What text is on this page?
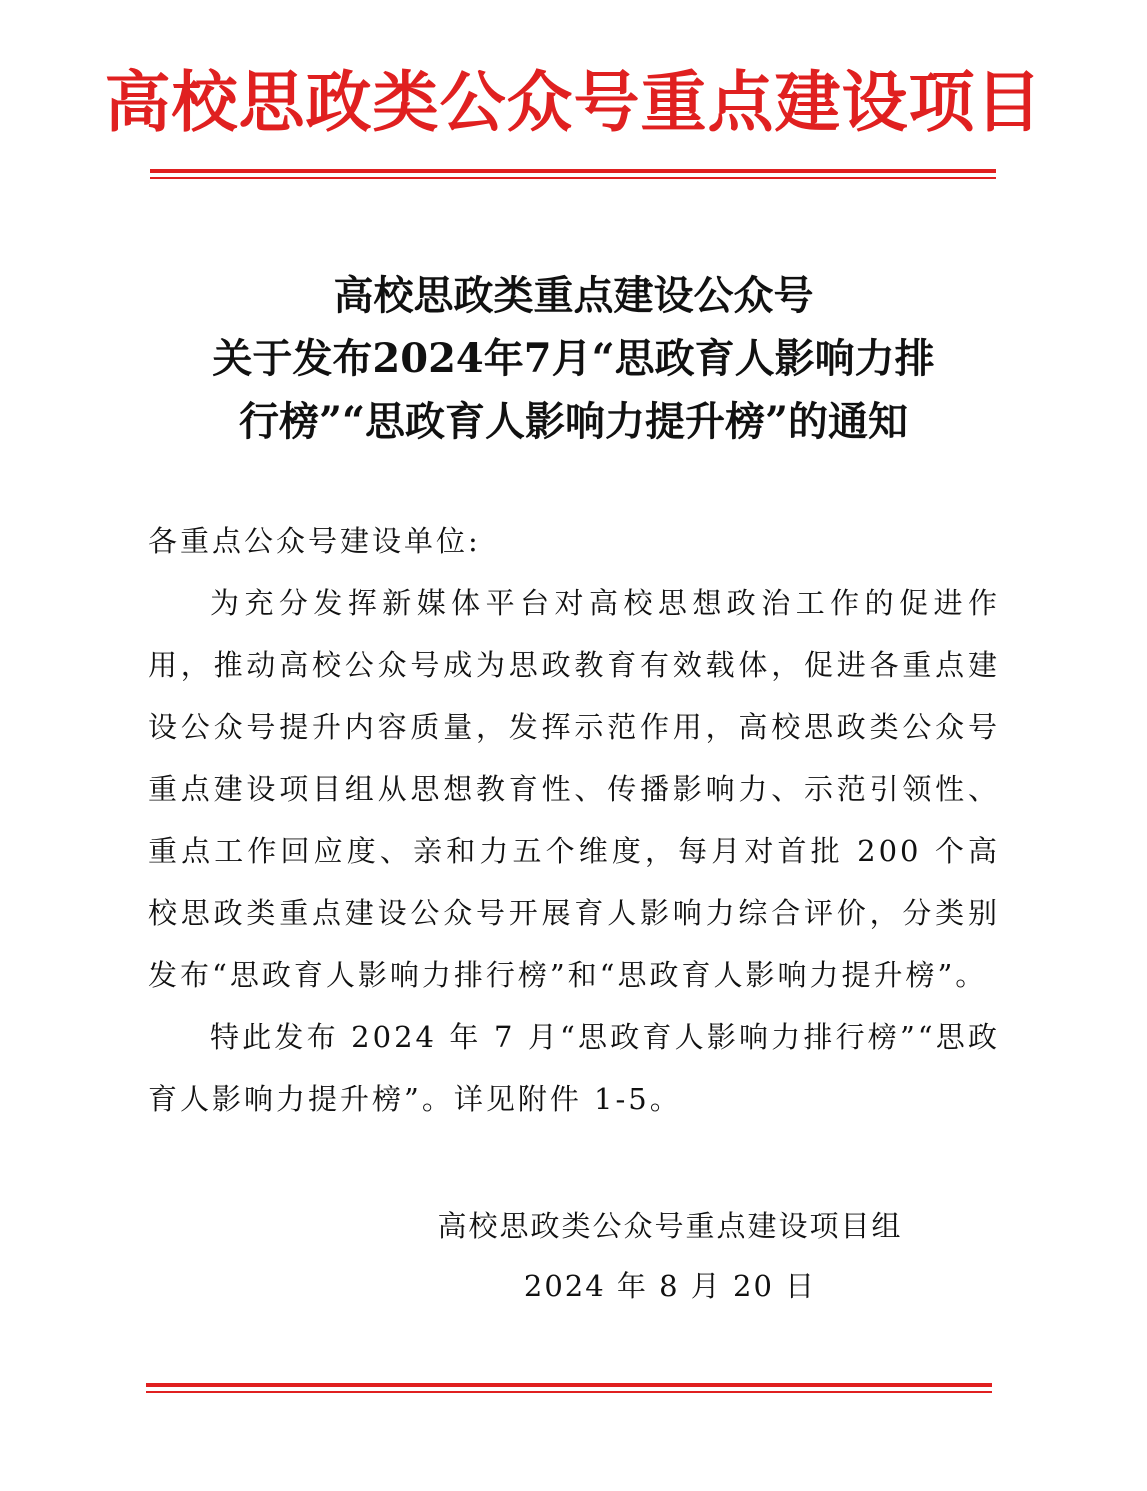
高校思政类公众号重点建设项目
高校思政类重点建设公众号
关于发布2024年7月“思政育人影响力排
行榜”“思政育人影响力提升榜”的通知
各重点公众号建设单位:

为充分发挥新媒体平台对高校思想政治工作的促进作用，推动高校公众号成为思政教育有效载体，促进各重点建设公众号提升内容质量，发挥示范作用，高校思政类公众号重点建设项目组从思想教育性、传播影响力、示范引领性、重点工作回应度、亲和力五个维度，每月对首批 200 个高校思政类重点建设公众号开展育人影响力综合评价，分类别发布“思政育人影响力排行榜”和“思政育人影响力提升榜”。

特此发布 2024 年 7 月“思政育人影响力排行榜”“思政育人影响力提升榜”。详见附件 1-5。

高校思政类公众号重点建设项目组
2024 年 8 月 20 日
